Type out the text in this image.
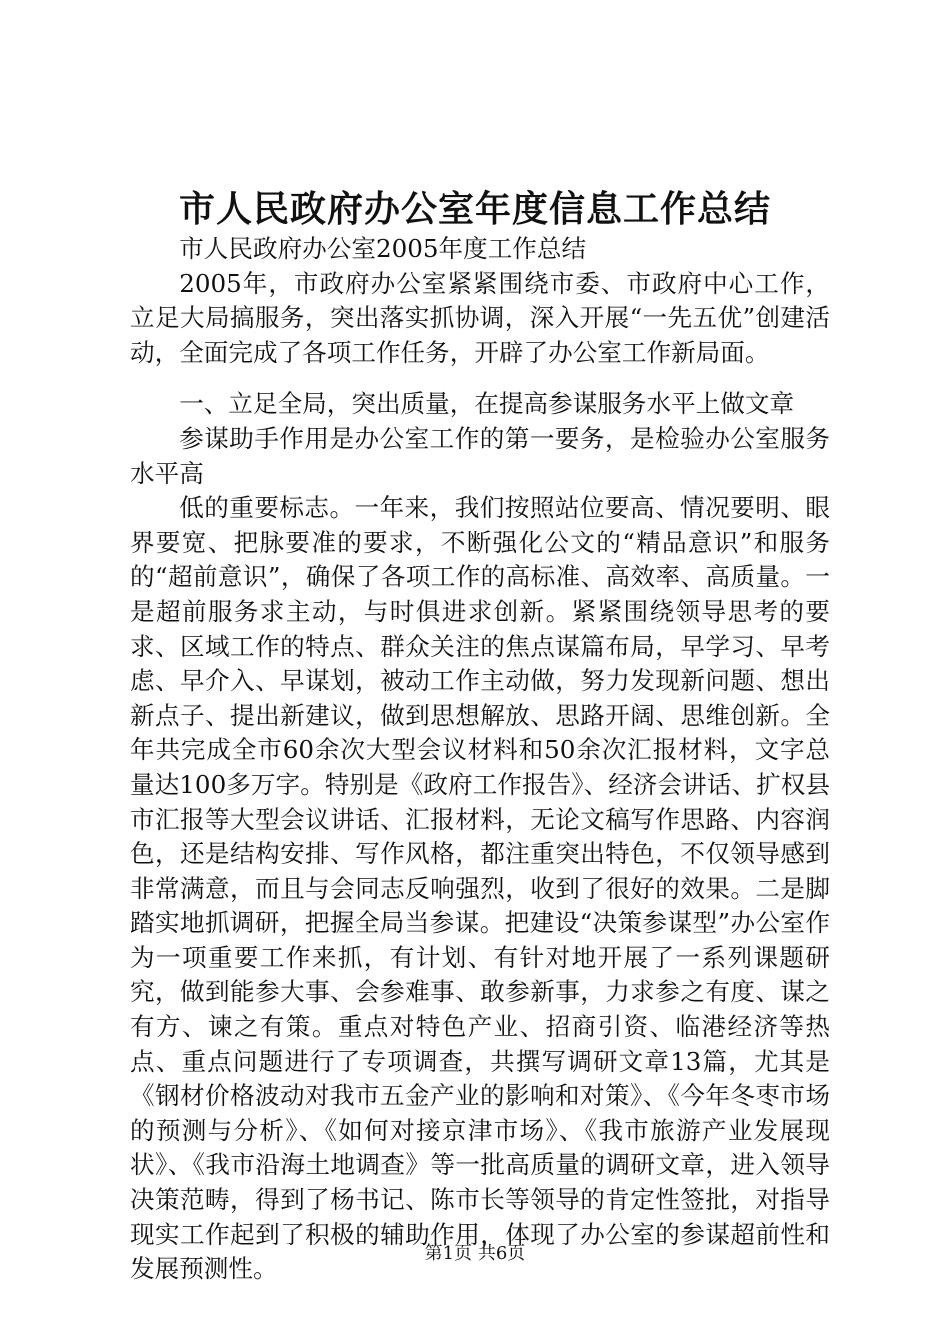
市人民政府办公室年度信息工作总结

市人民政府办公室2005年度工作总结

2005年，市政府办公室紧紧围绕市委、市政府中心工作，立足大局搞服务，突出落实抓协调，深入开展“一先五优”创建活动，全面完成了各项工作任务，开辟了办公室工作新局面。

一、立足全局，突出质量，在提高参谋服务水平上做文章

参谋助手作用是办公室工作的第一要务，是检验办公室服务水平高

低的重要标志。一年来，我们按照站位要高、情况要明、眼界要宽、把脉要准的要求，不断强化公文的“精品意识”和服务的“超前意识”，确保了各项工作的高标准、高效率、高质量。一是超前服务求主动，与时俱进求创新。紧紧围绕领导思考的要求、区域工作的特点、群众关注的焦点谋篇布局，早学习、早考虑、早介入、早谋划，被动工作主动做，努力发现新问题、想出新点子、提出新建议，做到思想解放、思路开阔、思维创新。全年共完成全市60余次大型会议材料和50余次汇报材料，文字总量达100多万字。特别是《政府工作报告》、经济会讲话、扩权县市汇报等大型会议讲话、汇报材料，无论文稿写作思路、内容润色，还是结构安排、写作风格，都注重突出特色，不仅领导感到非常满意，而且与会同志反响强烈，收到了很好的效果。二是脚踏实地抓调研，把握全局当参谋。把建设“决策参谋型”办公室作为一项重要工作来抓，有计划、有针对地开展了一系列课题研究，做到能参大事、会参难事、敢参新事，力求参之有度、谋之有方、谏之有策。重点对特色产业、招商引资、临港经济等热点、重点问题进行了专项调查，共撰写调研文章13篇，尤其是《钢材价格波动对我市五金产业的影响和对策》、《今年冬枣市场的预测与分析》、《如何对接京津市场》、《我市旅游产业发展现状》、《我市沿海土地调查》等一批高质量的调研文章，进入领导决策范畴，得到了杨书记、陈市长等领导的肯定性签批，对指导现实工作起到了积极的辅助作用，体现了办公室的参谋超前性和发展预测性。

第1页 共6页
